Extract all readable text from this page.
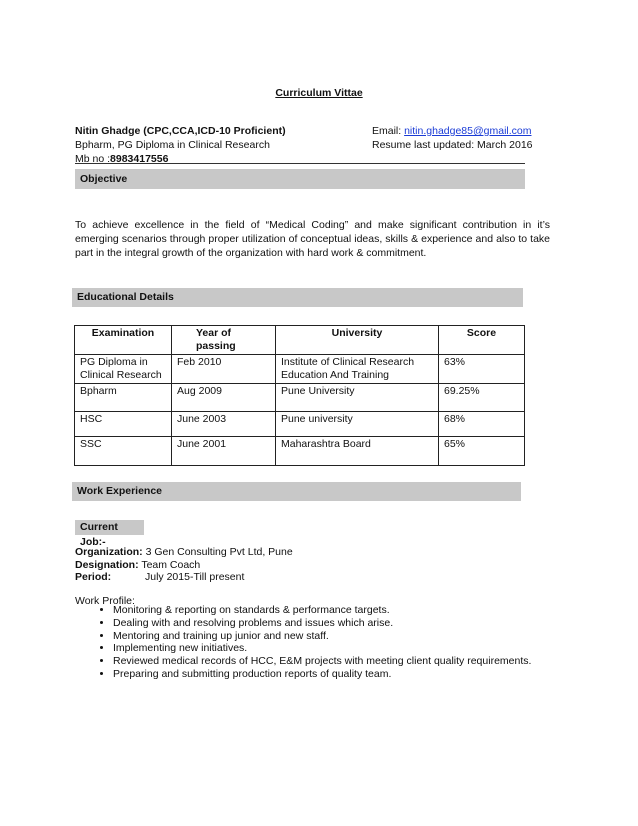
Curriculum Vittae
Nitin Ghadge (CPC,CCA,ICD-10 Proficient)
Bpharm, PG Diploma in Clinical Research
Mb no :8983417556
Email: nitin.ghadge85@gmail.com
Resume last updated: March 2016
Objective
To achieve excellence in the field of “Medical Coding” and make significant contribution in it’s emerging scenarios through proper utilization of conceptual ideas, skills & experience and also to take part in the integral growth of the organization with hard work & commitment.
Educational Details
Examination	Year of passing	University	Score
PG Diploma in Clinical Research	Feb 2010	Institute of Clinical Research Education And Training	63%
Bpharm	Aug 2009	Pune University	69.25%
HSC	June 2003	Pune university	68%
SSC	June 2001	Maharashtra Board	65%
Work Experience
Current Job:-
Organization: 3 Gen Consulting Pvt Ltd, Pune
Designation: Team Coach
Period:	July 2015-Till present
Work Profile:
• Monitoring & reporting on standards & performance targets.
• Dealing with and resolving problems and issues which arise.
• Mentoring and training up junior and new staff.
• Implementing new initiatives.
• Reviewed medical records of HCC, E&M projects with meeting client quality requirements.
• Preparing and submitting production reports of quality team.
